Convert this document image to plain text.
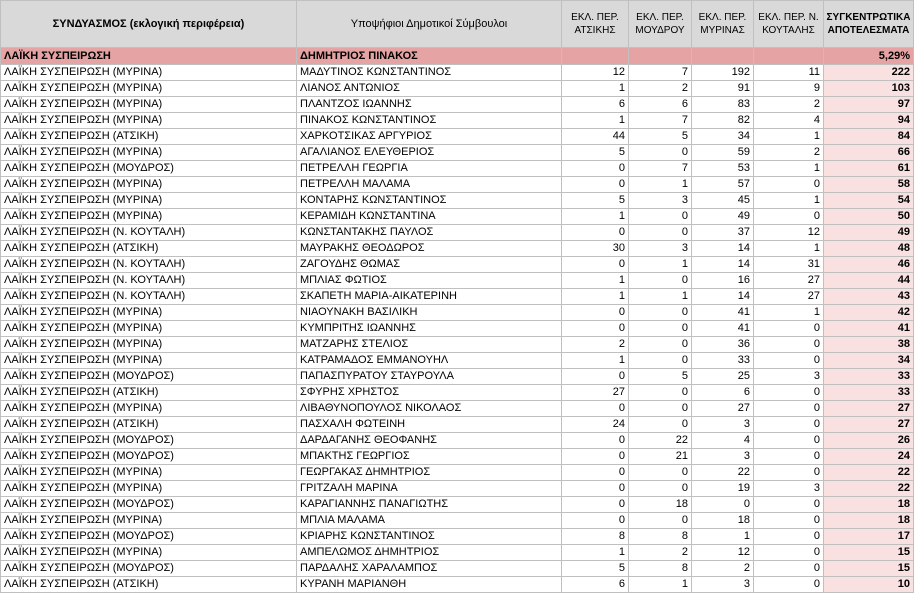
ΣΥΝΔΥΑΣΜΟΣ (εκλογική περιφέρεια)	Υποψήφιοι Δημοτικοί Σύμβουλοι	ΕΚΛ. ΠΕΡ. ΑΤΣΙΚΗΣ	ΕΚΛ. ΠΕΡ. ΜΟΥΔΡΟΥ	ΕΚΛ. ΠΕΡ. ΜΥΡΙΝΑΣ	ΕΚΛ. ΠΕΡ. Ν. ΚΟΥΤΑΛΗΣ	ΣΥΓΚΕΝΤΡΩΤΙΚΑ ΑΠΟΤΕΛΕΣΜΑΤΑ
ΛΑΪΚΗ ΣΥΣΠΕΙΡΩΣΗ	ΔΗΜΗΤΡΙΟΣ ΠΙΝΑΚΟΣ					5,29%
ΛΑΪΚΗ ΣΥΣΠΕΙΡΩΣΗ (ΜΥΡΙΝΑ)	ΜΑΔΥΤΙΝΟΣ ΚΩΝΣΤΑΝΤΙΝΟΣ	12	7	192	11	222
ΛΑΪΚΗ ΣΥΣΠΕΙΡΩΣΗ (ΜΥΡΙΝΑ)	ΛΙΑΝΟΣ ΑΝΤΩΝΙΟΣ	1	2	91	9	103
ΛΑΪΚΗ ΣΥΣΠΕΙΡΩΣΗ (ΜΥΡΙΝΑ)	ΠΛΑΝΤΖΟΣ ΙΩΑΝΝΗΣ	6	6	83	2	97
ΛΑΪΚΗ ΣΥΣΠΕΙΡΩΣΗ (ΜΥΡΙΝΑ)	ΠΙΝΑΚΟΣ ΚΩΝΣΤΑΝΤΙΝΟΣ	1	7	82	4	94
ΛΑΪΚΗ ΣΥΣΠΕΙΡΩΣΗ (ΑΤΣΙΚΗ)	ΧΑΡΚΟΤΣΙΚΑΣ ΑΡΓΥΡΙΟΣ	44	5	34	1	84
ΛΑΪΚΗ ΣΥΣΠΕΙΡΩΣΗ (ΜΥΡΙΝΑ)	ΑΓΑΛΙΑΝΟΣ ΕΛΕΥΘΕΡΙΟΣ	5	0	59	2	66
ΛΑΪΚΗ ΣΥΣΠΕΙΡΩΣΗ (ΜΟΥΔΡΟΣ)	ΠΕΤΡΕΛΛΗ ΓΕΩΡΓΙΑ	0	7	53	1	61
ΛΑΪΚΗ ΣΥΣΠΕΙΡΩΣΗ (ΜΥΡΙΝΑ)	ΠΕΤΡΕΛΛΗ ΜΑΛΑΜΑ	0	1	57	0	58
ΛΑΪΚΗ ΣΥΣΠΕΙΡΩΣΗ (ΜΥΡΙΝΑ)	ΚΟΝΤΑΡΗΣ ΚΩΝΣΤΑΝΤΙΝΟΣ	5	3	45	1	54
ΛΑΪΚΗ ΣΥΣΠΕΙΡΩΣΗ (ΜΥΡΙΝΑ)	ΚΕΡΑΜΙΔΗ ΚΩΝΣΤΑΝΤΙΝΑ	1	0	49	0	50
ΛΑΪΚΗ ΣΥΣΠΕΙΡΩΣΗ (Ν. ΚΟΥΤΑΛΗ)	ΚΩΝΣΤΑΝΤΑΚΗΣ ΠΑΥΛΟΣ	0	0	37	12	49
ΛΑΪΚΗ ΣΥΣΠΕΙΡΩΣΗ (ΑΤΣΙΚΗ)	ΜΑΥΡΑΚΗΣ ΘΕΟΔΩΡΟΣ	30	3	14	1	48
ΛΑΪΚΗ ΣΥΣΠΕΙΡΩΣΗ (Ν. ΚΟΥΤΑΛΗ)	ΖΑΓΟΥΔΗΣ ΘΩΜΑΣ	0	1	14	31	46
ΛΑΪΚΗ ΣΥΣΠΕΙΡΩΣΗ (Ν. ΚΟΥΤΑΛΗ)	ΜΠΛΙΑΣ ΦΩΤΙΟΣ	1	0	16	27	44
ΛΑΪΚΗ ΣΥΣΠΕΙΡΩΣΗ (Ν. ΚΟΥΤΑΛΗ)	ΣΚΑΠΕΤΗ ΜΑΡΙΑ-ΑΙΚΑΤΕΡΙΝΗ	1	1	14	27	43
ΛΑΪΚΗ ΣΥΣΠΕΙΡΩΣΗ (ΜΥΡΙΝΑ)	ΝΙΑΟΥΝΑΚΗ ΒΑΣΙΛΙΚΗ	0	0	41	1	42
ΛΑΪΚΗ ΣΥΣΠΕΙΡΩΣΗ (ΜΥΡΙΝΑ)	ΚΥΜΠΡΙΤΗΣ ΙΩΑΝΝΗΣ	0	0	41	0	41
ΛΑΪΚΗ ΣΥΣΠΕΙΡΩΣΗ (ΜΥΡΙΝΑ)	ΜΑΤΖΑΡΗΣ ΣΤΕΛΙΟΣ	2	0	36	0	38
ΛΑΪΚΗ ΣΥΣΠΕΙΡΩΣΗ (ΜΥΡΙΝΑ)	ΚΑΤΡΑΜΑΔΟΣ ΕΜΜΑΝΟΥΗΛ	1	0	33	0	34
ΛΑΪΚΗ ΣΥΣΠΕΙΡΩΣΗ (ΜΟΥΔΡΟΣ)	ΠΑΠΑΣΠΥΡΑΤΟΥ ΣΤΑΥΡΟΥΛΑ	0	5	25	3	33
ΛΑΪΚΗ ΣΥΣΠΕΙΡΩΣΗ (ΑΤΣΙΚΗ)	ΣΦΥΡΗΣ ΧΡΗΣΤΟΣ	27	0	6	0	33
ΛΑΪΚΗ ΣΥΣΠΕΙΡΩΣΗ (ΜΥΡΙΝΑ)	ΛΙΒΑΘΥΝΟΠΟΥΛΟΣ ΝΙΚΟΛΑΟΣ	0	0	27	0	27
ΛΑΪΚΗ ΣΥΣΠΕΙΡΩΣΗ (ΑΤΣΙΚΗ)	ΠΑΣΧΑΛΗ ΦΩΤΕΙΝΗ	24	0	3	0	27
ΛΑΪΚΗ ΣΥΣΠΕΙΡΩΣΗ (ΜΟΥΔΡΟΣ)	ΔΑΡΔΑΓΑΝΗΣ ΘΕΟΦΑΝΗΣ	0	22	4	0	26
ΛΑΪΚΗ ΣΥΣΠΕΙΡΩΣΗ (ΜΟΥΔΡΟΣ)	ΜΠΑΚΤΗΣ ΓΕΩΡΓΙΟΣ	0	21	3	0	24
ΛΑΪΚΗ ΣΥΣΠΕΙΡΩΣΗ (ΜΥΡΙΝΑ)	ΓΕΩΡΓΑΚΑΣ ΔΗΜΗΤΡΙΟΣ	0	0	22	0	22
ΛΑΪΚΗ ΣΥΣΠΕΙΡΩΣΗ (ΜΥΡΙΝΑ)	ΓΡΙΤΖΑΛΗ ΜΑΡΙΝΑ	0	0	19	3	22
ΛΑΪΚΗ ΣΥΣΠΕΙΡΩΣΗ (ΜΟΥΔΡΟΣ)	ΚΑΡΑΓΙΑΝΝΗΣ ΠΑΝΑΓΙΩΤΗΣ	0	18	0	0	18
ΛΑΪΚΗ ΣΥΣΠΕΙΡΩΣΗ (ΜΥΡΙΝΑ)	ΜΠΛΙΑ ΜΑΛΑΜΑ	0	0	18	0	18
ΛΑΪΚΗ ΣΥΣΠΕΙΡΩΣΗ (ΜΟΥΔΡΟΣ)	ΚΡΙΑΡΗΣ ΚΩΝΣΤΑΝΤΙΝΟΣ	8	8	1	0	17
ΛΑΪΚΗ ΣΥΣΠΕΙΡΩΣΗ (ΜΥΡΙΝΑ)	ΑΜΠΕΛΩΜΟΣ ΔΗΜΗΤΡΙΟΣ	1	2	12	0	15
ΛΑΪΚΗ ΣΥΣΠΕΙΡΩΣΗ (ΜΟΥΔΡΟΣ)	ΠΑΡΔΑΛΗΣ ΧΑΡΑΛΑΜΠΟΣ	5	8	2	0	15
ΛΑΪΚΗ ΣΥΣΠΕΙΡΩΣΗ (ΑΤΣΙΚΗ)	ΚΥΡΑΝΗ ΜΑΡΙΑΝΘΗ	6	1	3	0	10
